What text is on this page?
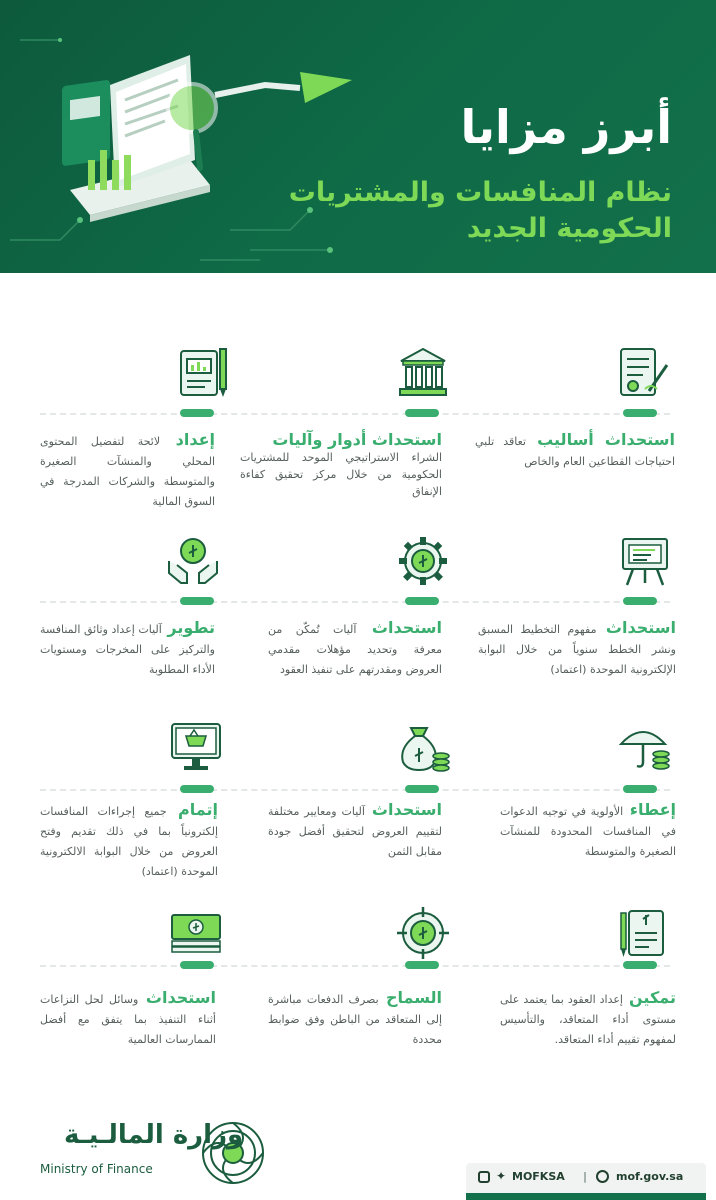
أبرز مزايا
نظام المنافسات والمشتريات
الحكومية الجديد
استحداث أساليب تعاقد تلبي احتياجات القطاعين العام والخاص
استحداث أدوار وآليات
الشراء الاستراتيجي الموحد للمشتريات الحكومية من خلال مركز تحقيق كفاءة الإنفاق
إعداد لائحة لتفضيل المحتوى المحلي والمنشآت الصغيرة والمتوسطة والشركات المدرجة في السوق المالية
استحداث مفهوم التخطيط المسبق ونشر الخطط سنوياً من خلال البوابة الإلكترونية الموحدة (اعتماد)
استحداث آليات تُمكّن من معرفة وتحديد مؤهلات مقدمي العروض ومقدرتهم على تنفيذ العقود
تطوير آليات إعداد وثائق المنافسة والتركيز على المخرجات ومستويات الأداء المطلوبة
إعطاء الأولوية في توجيه الدعوات في المنافسات المحدودة للمنشآت الصغيرة والمتوسطة
استحداث آليات ومعايير مختلفة لتقييم العروض لتحقيق أفضل جودة مقابل الثمن
إتمام جميع إجراءات المنافسات إلكترونياً بما في ذلك تقديم وفتح العروض من خلال البوابة الالكترونية الموحدة (اعتماد)
تمكين إعداد العقود بما يعتمد على مستوى أداء المتعاقد، والتأسيس لمفهوم تقييم أداء المتعاقد.
السماح بصرف الدفعات مباشرة إلى المتعاقد من الباطن وفق ضوابط محددة
استحداث وسائل لحل النزاعات أثناء التنفيذ بما يتفق مع أفضل الممارسات العالمية
وزارة المالـيـة
Ministry of Finance	✦ MOFKSA |	mof.gov.sa
